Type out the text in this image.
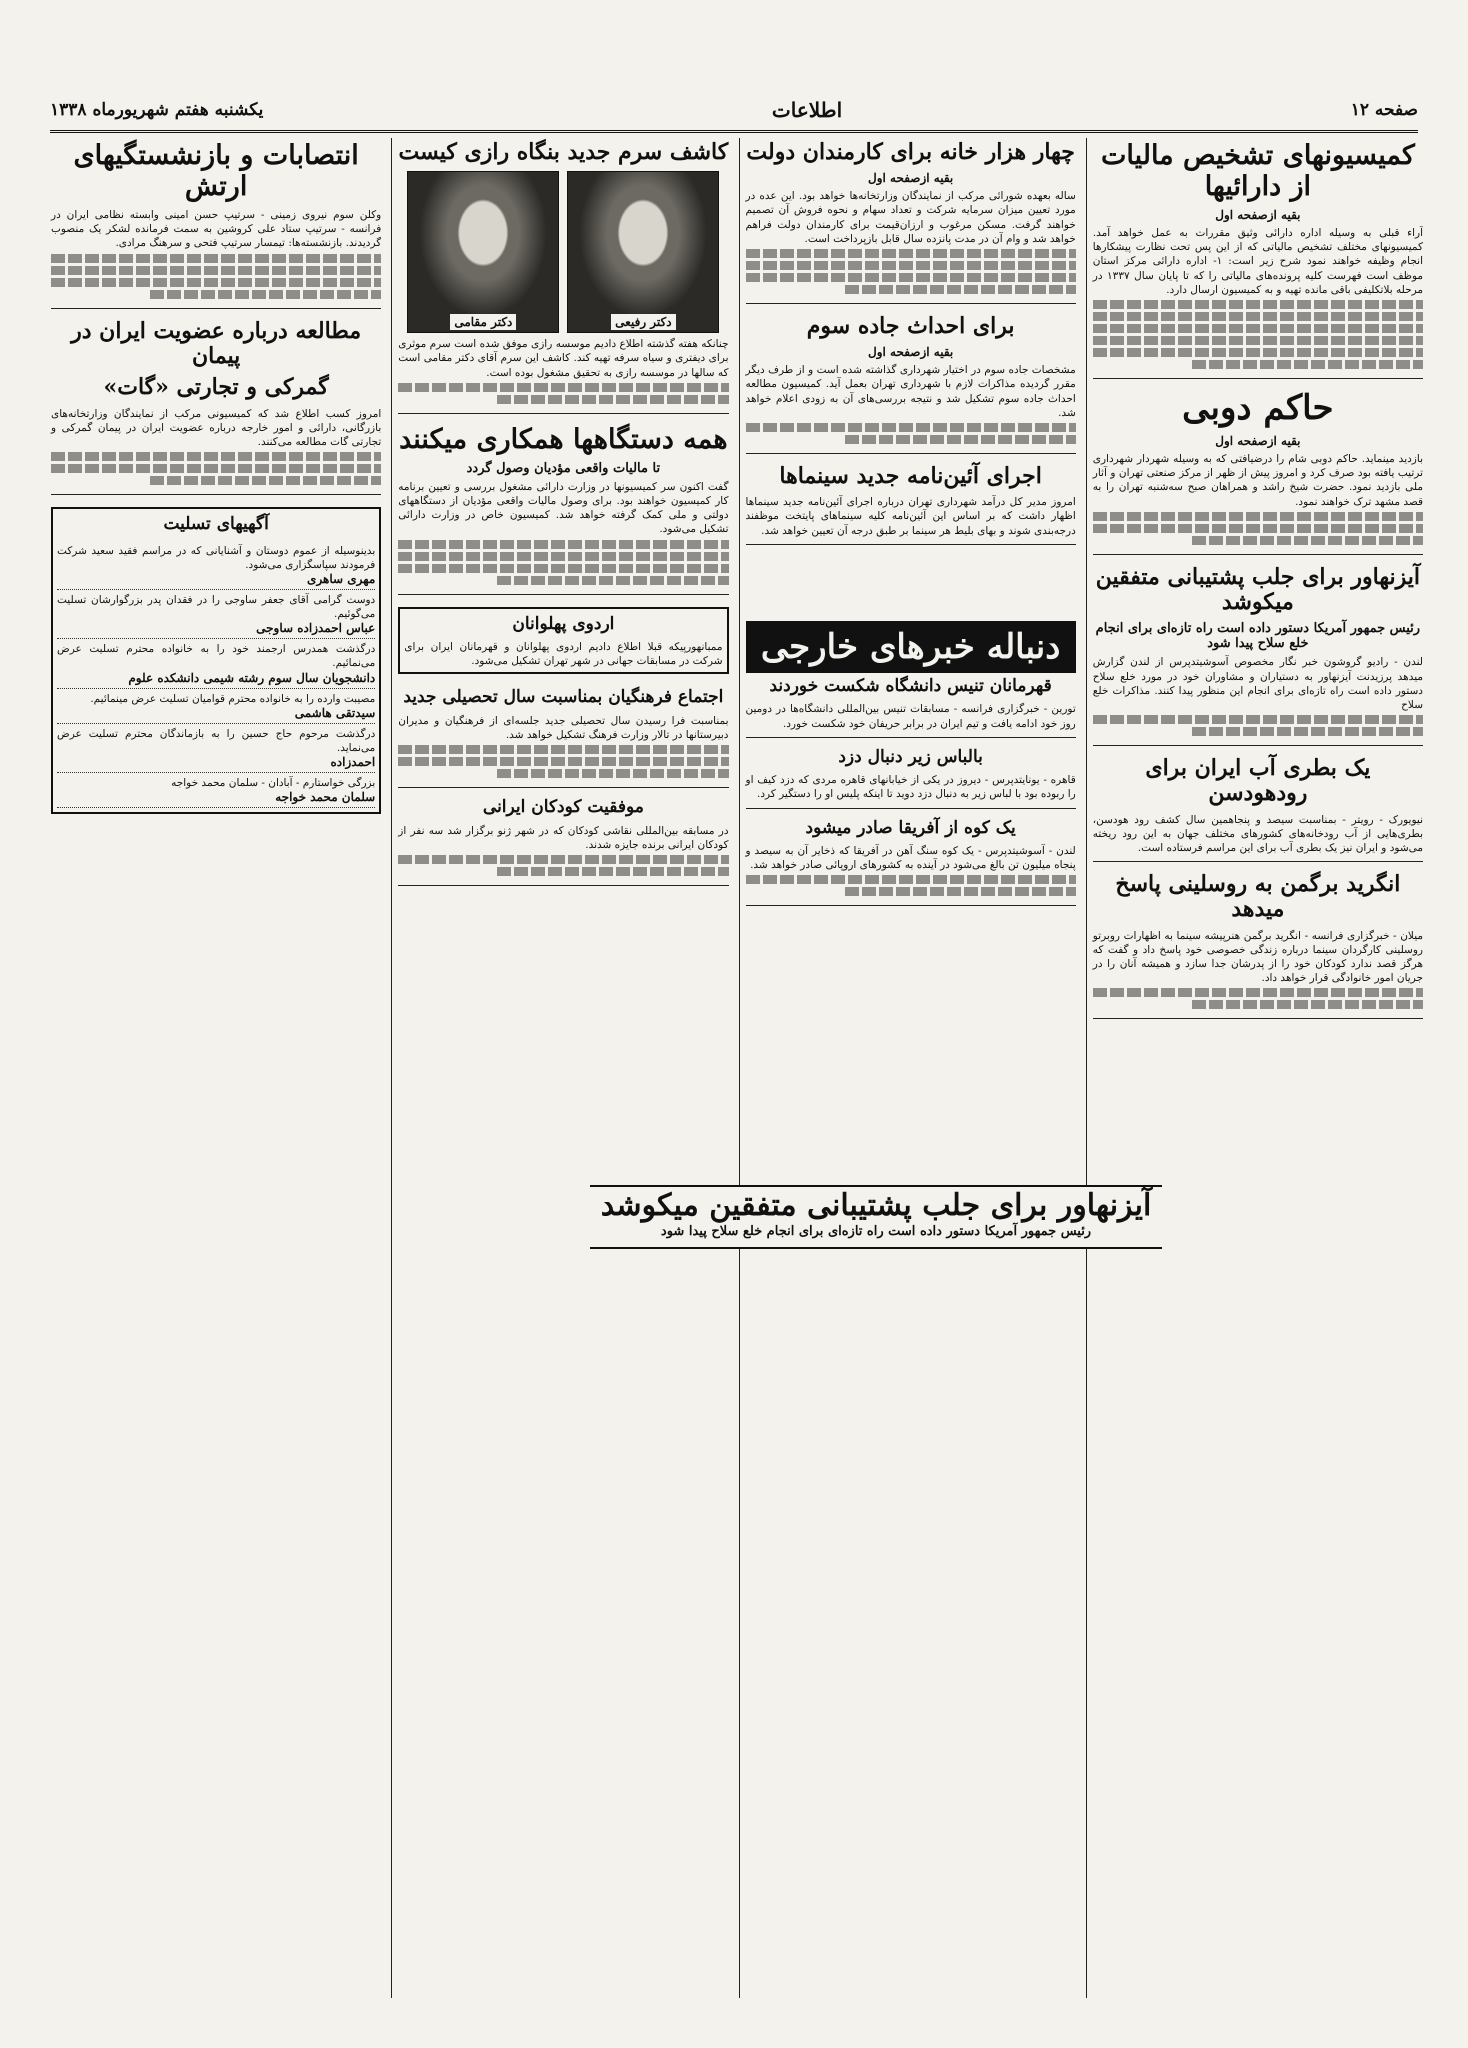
صفحه ۱۲
اطلاعات
یکشنبه هفتم شهریورماه ۱۳۳۸
کمیسیونهای تشخیص مالیات از دارائیها
بقیه ازصفحه اول

آراء قبلی به وسیله اداره دارائی وثیق مقررات به عمل خواهد آمد. کمیسیونهای مختلف تشخیص مالیاتی که از این پس تحت نظارت پیشکارها انجام وظیفه خواهند نمود شرح زیر است: ۱- اداره دارائی مرکز استان موظف است فهرست کلیه پرونده‌های مالیاتی را که تا پایان سال ۱۳۳۷ در مرحله بلاتکلیفی باقی مانده تهیه و به کمیسیون ارسال دارد.

حاکم دوبی
بقیه ازصفحه اول

بازدید مینماید. حاکم دوبی شام را درضیافتی که به وسیله شهردار شهرداری ترتیب یافته بود صرف کرد و امروز پیش از ظهر از مرکز صنعتی تهران و آثار ملی بازدید نمود. حضرت شیخ راشد و همراهان صبح سه‌شنبه تهران را به قصد مشهد ترک خواهند نمود.

آیزنهاور برای جلب پشتیبانی متفقین میکوشد
رئیس جمهور آمریکا دستور داده است راه تازه‌ای برای انجام خلع سلاح پیدا شود

لندن - رادیو گروشون خبر نگار مخصوص آسوشیتدپرس از لندن گزارش میدهد پرزیدنت آیزنهاور به دستیاران و مشاوران خود در مورد خلع سلاح دستور داده است راه تازه‌ای برای انجام این منظور پیدا کنند. مذاکرات خلع سلاح

یک بطری آب ایران برای رودهودسن

نیویورک - رویتر - بمناسبت سیصد و پنجاهمین سال کشف رود هودسن، بطری‌هایی از آب رودخانه‌های کشورهای مختلف جهان به این رود ریخته می‌شود و ایران نیز یک بطری آب برای این مراسم فرستاده است.

انگرید برگمن به روسلینی پاسخ میدهد

میلان - خبرگزاری فرانسه - انگرید برگمن هنرپیشه سینما به اظهارات روبرتو روسلینی کارگردان سینما درباره زندگی خصوصی خود پاسخ داد و گفت که هرگز قصد ندارد کودکان خود را از پدرشان جدا سازد و همیشه آنان را در جریان امور خانوادگی قرار خواهد داد.

چهار هزار خانه برای کارمندان دولت
بقیه ازصفحه اول

ساله بعهده شورائی مرکب از نمایندگان وزارتخانه‌ها خواهد بود. این عده در مورد تعیین میزان سرمایه شرکت و تعداد سهام و نحوه فروش آن تصمیم خواهند گرفت. مسکن مرغوب و ارزان‌قیمت برای کارمندان دولت فراهم خواهد شد و وام آن در مدت پانزده سال قابل بازپرداخت است.

برای احداث جاده سوم
بقیه ازصفحه اول

مشخصات جاده سوم در اختیار شهرداری گذاشته شده است و از طرف دیگر مقرر گردیده مذاکرات لازم با شهرداری تهران بعمل آید. کمیسیون مطالعه احداث جاده سوم تشکیل شد و نتیجه بررسی‌های آن به زودی اعلام خواهد شد.

اجرای آئین‌نامه جدید سینماها

امروز مدیر کل درآمد شهرداری تهران درباره اجرای آئین‌نامه جدید سینماها اظهار داشت که بر اساس این آئین‌نامه کلیه سینماهای پایتخت موظفند درجه‌بندی شوند و بهای بلیط هر سینما بر طبق درجه آن تعیین خواهد شد.

دنباله خبرهای خارجی
قهرمانان تنیس دانشگاه شکست خوردند

تورین - خبرگزاری فرانسه - مسابقات تنیس بین‌المللی دانشگاه‌ها در دومین روز خود ادامه یافت و تیم ایران در برابر حریفان خود شکست خورد.

بالباس زیر دنبال دزد

قاهره - یونایتدپرس - دیروز در یکی از خیابانهای قاهره مردی که دزد کیف او را ربوده بود با لباس زیر به دنبال دزد دوید تا اینکه پلیس او را دستگیر کرد.

یک کوه از آفریقا صادر میشود

لندن - آسوشیتدپرس - یک کوه سنگ آهن در آفریقا که ذخایر آن به سیصد و پنجاه میلیون تن بالغ می‌شود در آینده به کشورهای اروپائی صادر خواهد شد.

کاشف سرم جدید بنگاه رازی کیست
دکتر رفیعی
دکتر مقامی

چنانکه هفته گذشته اطلاع دادیم موسسه رازی موفق شده است سرم موثری برای دیفتری و سیاه سرفه تهیه کند. کاشف این سرم آقای دکتر مقامی است که سالها در موسسه رازی به تحقیق مشغول بوده است.

همه دستگاهها همکاری میکنند
تا مالیات واقعی مؤدیان وصول گردد

گفت اکنون سر کمیسیونها در وزارت دارائی مشغول بررسی و تعیین برنامه کار کمیسیون خواهند بود. برای وصول مالیات واقعی مؤدیان از دستگاههای دولتی و ملی کمک گرفته خواهد شد. کمیسیون خاص در وزارت دارائی تشکیل می‌شود.

اردوی پهلوانان

ممبانهورپیکه قبلا اطلاع دادیم اردوی پهلوانان و قهرمانان ایران برای شرکت در مسابقات جهانی در شهر تهران تشکیل می‌شود.

اجتماع فرهنگیان بمناسبت سال تحصیلی جدید

بمناسبت فرا رسیدن سال تحصیلی جدید جلسه‌ای از فرهنگیان و مدیران دبیرستانها در تالار وزارت فرهنگ تشکیل خواهد شد.

موفقیت کودکان ایرانی

در مسابقه بین‌المللی نقاشی کودکان که در شهر ژنو برگزار شد سه نفر از کودکان ایرانی برنده جایزه شدند.

انتصابات و بازنشستگیهای ارتش

وکلن سوم نیروی زمینی - سرتیپ حسن امینی وابسته نظامی ایران در فرانسه - سرتیپ ستاد علی کروشین به سمت فرمانده لشکر یک منصوب گردیدند. بازنشسته‌ها: تیمسار سرتیپ فتحی و سرهنگ مرادی.

مطالعه درباره عضویت ایران در پیمان
گمرکی و تجارتی «گات»

امروز کسب اطلاع شد که کمیسیونی مرکب از نمایندگان وزارتخانه‌های بازرگانی، دارائی و امور خارجه درباره عضویت ایران در پیمان گمرکی و تجارتی گات مطالعه می‌کنند.

آگهیهای تسلیت

بدینوسیله از عموم دوستان و آشنایانی که در مراسم فقید سعید شرکت فرمودند سپاسگزاری می‌شود.

مهری ساهری

دوست گرامی آقای جعفر ساوجی را در فقدان پدر بزرگوارشان تسلیت می‌گوئیم.

عباس احمدزاده ساوجی

درگذشت همدرس ارجمند خود را به خانواده محترم تسلیت عرض می‌نمائیم.

دانشجویان سال سوم رشته شیمی دانشکده علوم

مصیبت وارده را به خانواده محترم قوامیان تسلیت عرض مینمائیم.

سیدتقی هاشمی

درگذشت مرحوم حاج حسین را به بازماندگان محترم تسلیت عرض می‌نماید.

احمدزاده

بزرگی خواستارم - آبادان - سلمان محمد خواجه

سلمان محمد خواجه
آیزنهاور برای جلب پشتیبانی متفقین میکوشد
رئیس جمهور آمریکا دستور داده است راه تازه‌ای برای انجام خلع سلاح پیدا شود
